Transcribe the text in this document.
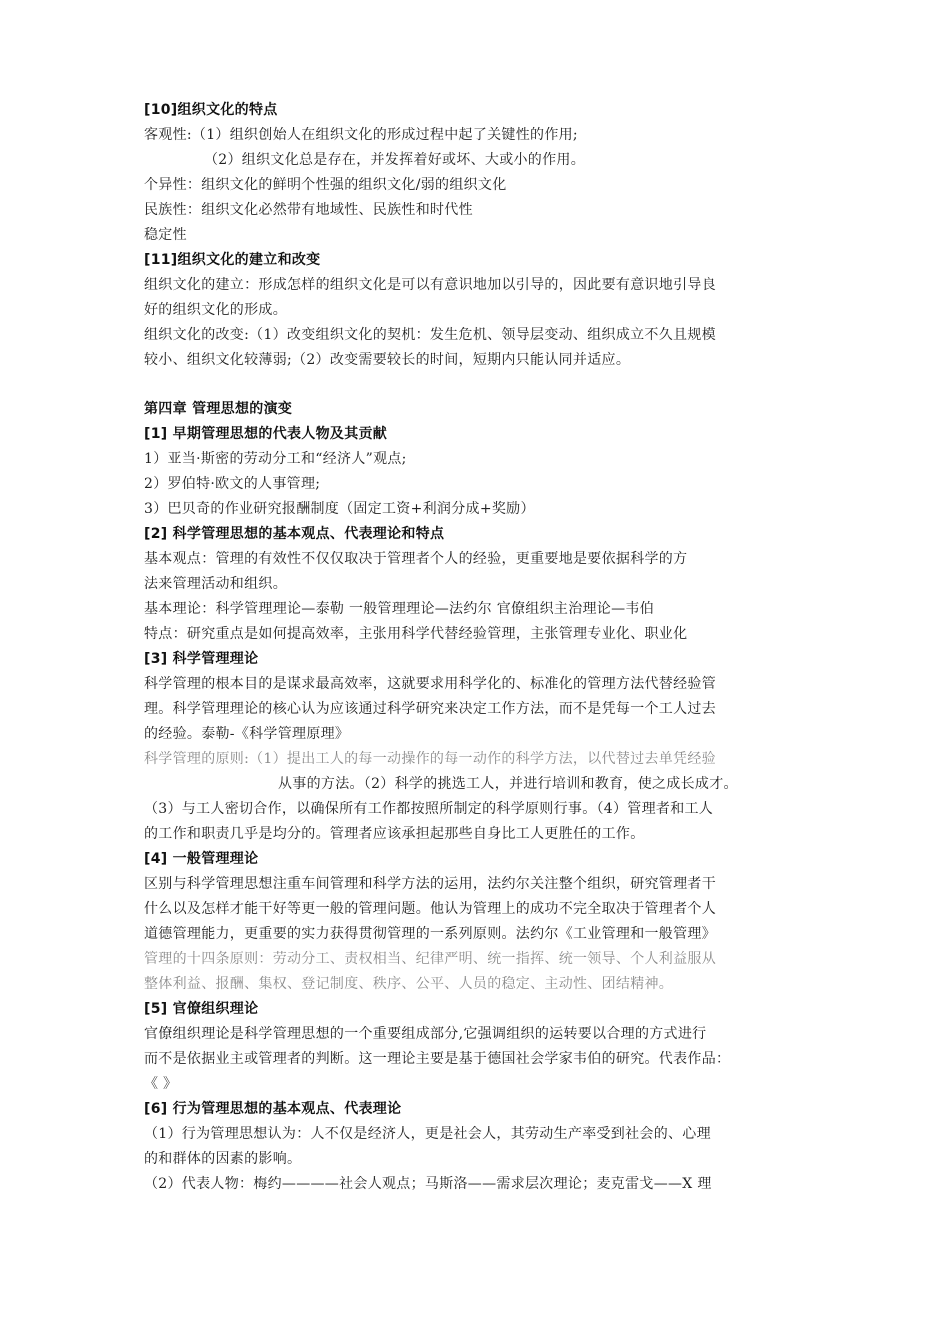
[10]组织文化的特点
客观性:（1）组织创始人在组织文化的形成过程中起了关键性的作用;
（2）组织文化总是存在，并发挥着好或坏、大或小的作用。
个异性：组织文化的鲜明个性强的组织文化/弱的组织文化
民族性：组织文化必然带有地域性、民族性和时代性
稳定性
[11]组织文化的建立和改变
组织文化的建立：形成怎样的组织文化是可以有意识地加以引导的，因此要有意识地引导良
好的组织文化的形成。
组织文化的改变:（1）改变组织文化的契机：发生危机、领导层变动、组织成立不久且规模
较小、组织文化较薄弱;（2）改变需要较长的时间，短期内只能认同并适应。
第四章 管理思想的演变
[1] 早期管理思想的代表人物及其贡献
1）亚当·斯密的劳动分工和“经济人”观点;
2）罗伯特·欧文的人事管理;
3）巴贝奇的作业研究报酬制度（固定工资+利润分成+奖励）
[2] 科学管理思想的基本观点、代表理论和特点
基本观点：管理的有效性不仅仅取决于管理者个人的经验，更重要地是要依据科学的方
法来管理活动和组织。
基本理论：科学管理理论—泰勒 一般管理理论—法约尔 官僚组织主治理论—韦伯
特点：研究重点是如何提高效率，主张用科学代替经验管理，主张管理专业化、职业化
[3] 科学管理理论
科学管理的根本目的是谋求最高效率，这就要求用科学化的、标准化的管理方法代替经验管
理。科学管理理论的核心认为应该通过科学研究来决定工作方法，而不是凭每一个工人过去
的经验。泰勒-《科学管理原理》
科学管理的原则:（1）提出工人的每一动操作的每一动作的科学方法，以代替过去单凭经验
从事的方法。（2）科学的挑选工人，并进行培训和教育，使之成长成才。
（3）与工人密切合作，以确保所有工作都按照所制定的科学原则行事。（4）管理者和工人
的工作和职责几乎是均分的。管理者应该承担起那些自身比工人更胜任的工作。
[4] 一般管理理论
区别与科学管理思想注重车间管理和科学方法的运用，法约尔关注整个组织，研究管理者干
什么以及怎样才能干好等更一般的管理问题。他认为管理上的成功不完全取决于管理者个人
道德管理能力，更重要的实力获得贯彻管理的一系列原则。法约尔《工业管理和一般管理》
管理的十四条原则：劳动分工、责权相当、纪律严明、统一指挥、统一领导、个人利益服从
整体利益、报酬、集权、登记制度、秩序、公平、人员的稳定、主动性、团结精神。
[5] 官僚组织理论
官僚组织理论是科学管理思想的一个重要组成部分,它强调组织的运转要以合理的方式进行
而不是依据业主或管理者的判断。这一理论主要是基于德国社会学家韦伯的研究。代表作品：
《 》
[6] 行为管理思想的基本观点、代表理论
（1）行为管理思想认为：人不仅是经济人，更是社会人，其劳动生产率受到社会的、心理
的和群体的因素的影响。
（2）代表人物：梅约————社会人观点；马斯洛——需求层次理论；麦克雷戈——X 理
